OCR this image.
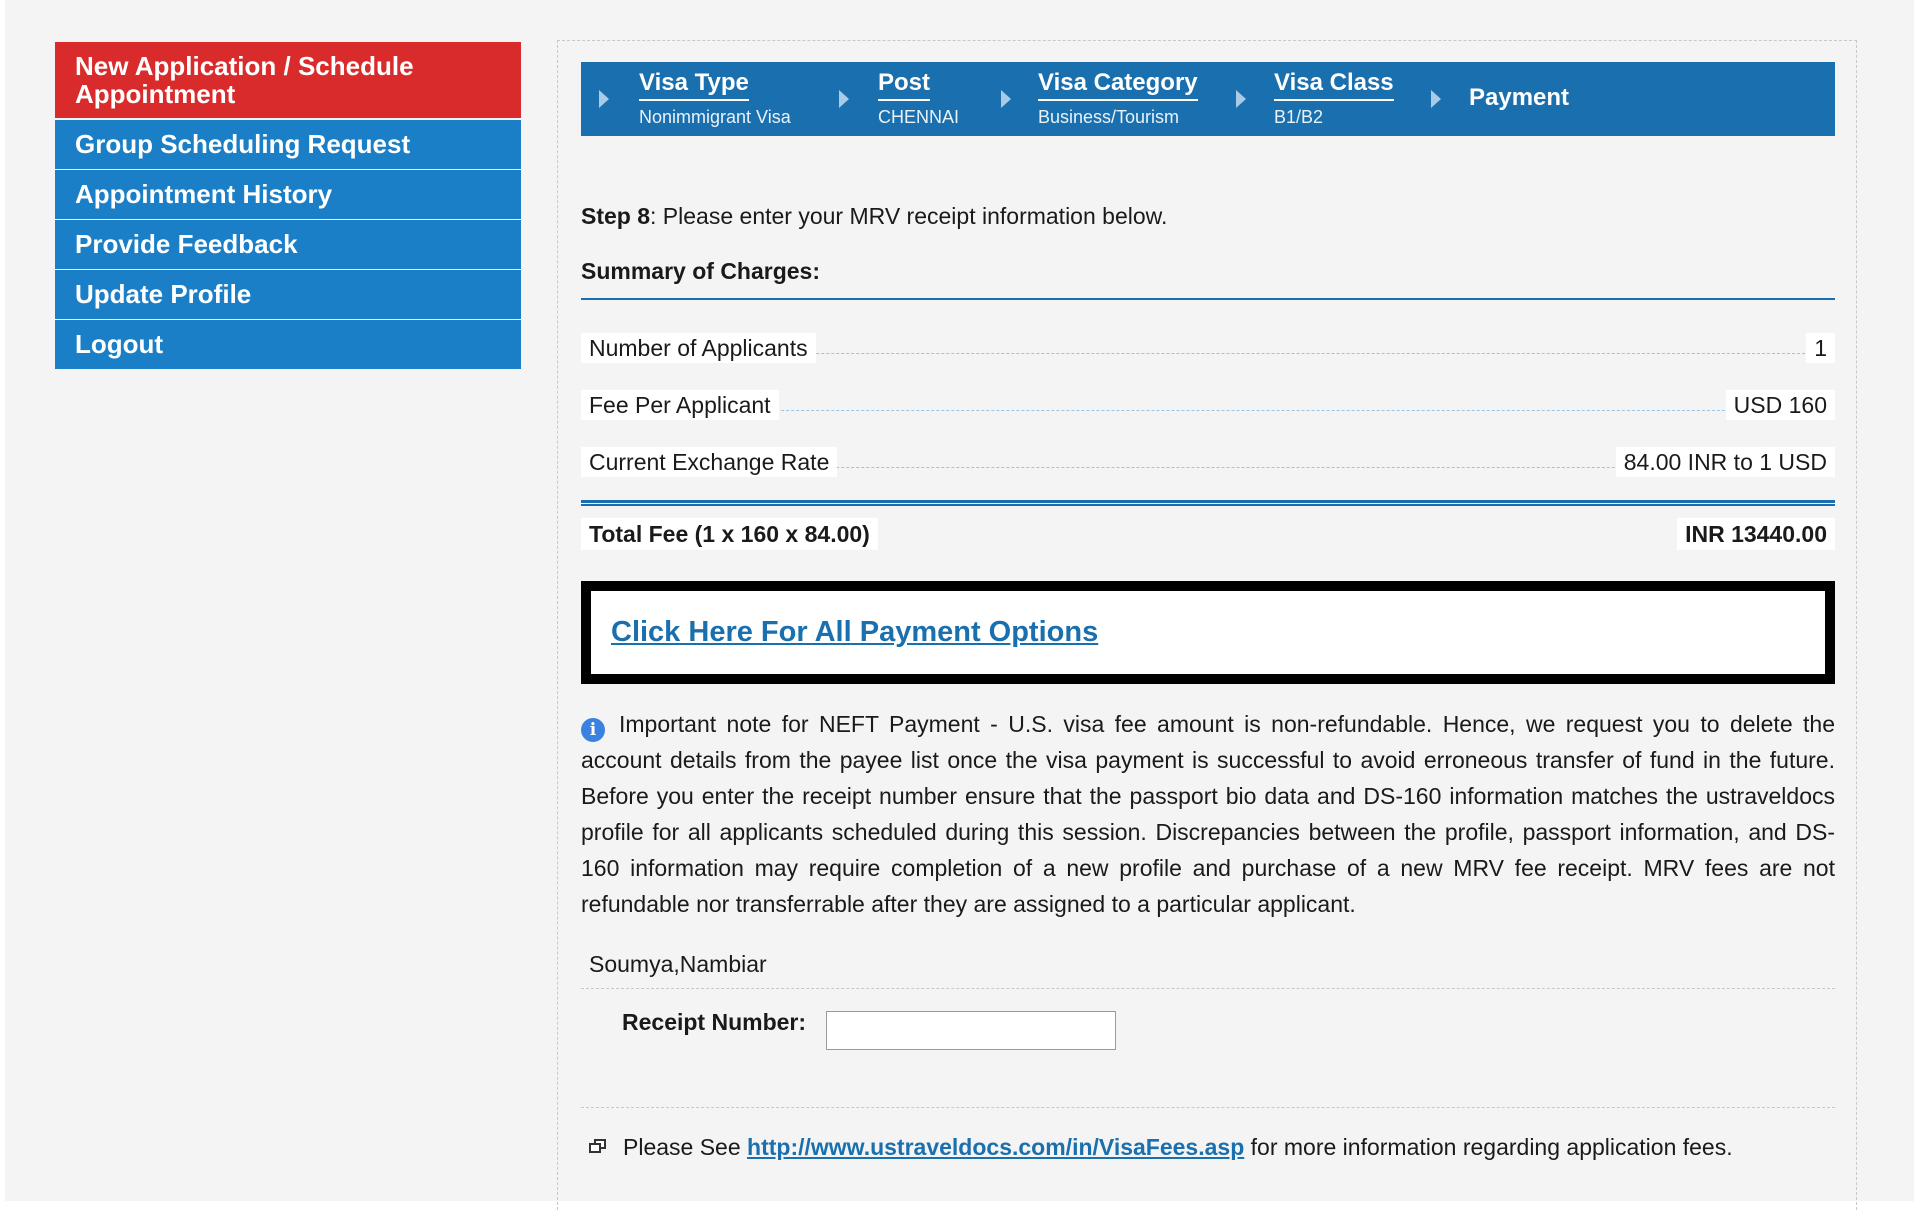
New Application / Schedule Appointment
Group Scheduling Request
Appointment History
Provide Feedback
Update Profile
Logout
Visa Type
Nonimmigrant Visa
Post
CHENNAI
Visa Category
Business/Tourism
Visa Class
B1/B2
Payment
Step 8: Please enter your MRV receipt information below.
Summary of Charges:
Number of Applicants	1
Fee Per Applicant	USD 160
Current Exchange Rate	84.00 INR to 1 USD
Total Fee (1 x 160 x 84.00)	INR 13440.00
Click Here For All Payment Options

i Important note for NEFT Payment - U.S. visa fee amount is non-refundable. Hence, we request you to delete the account details from the payee list once the visa payment is successful to avoid erroneous transfer of fund in the future. Before you enter the receipt number ensure that the passport bio data and DS-160 information matches the ustraveldocs profile for all applicants scheduled during this session. Discrepancies between the profile, passport information, and DS-160 information may require completion of a new profile and purchase of a new MRV fee receipt. MRV fees are not refundable nor transferrable after they are assigned to a particular applicant.

Soumya,Nambiar
Receipt Number:
Please See http://www.ustraveldocs.com/in/VisaFees.asp for more information regarding application fees.
